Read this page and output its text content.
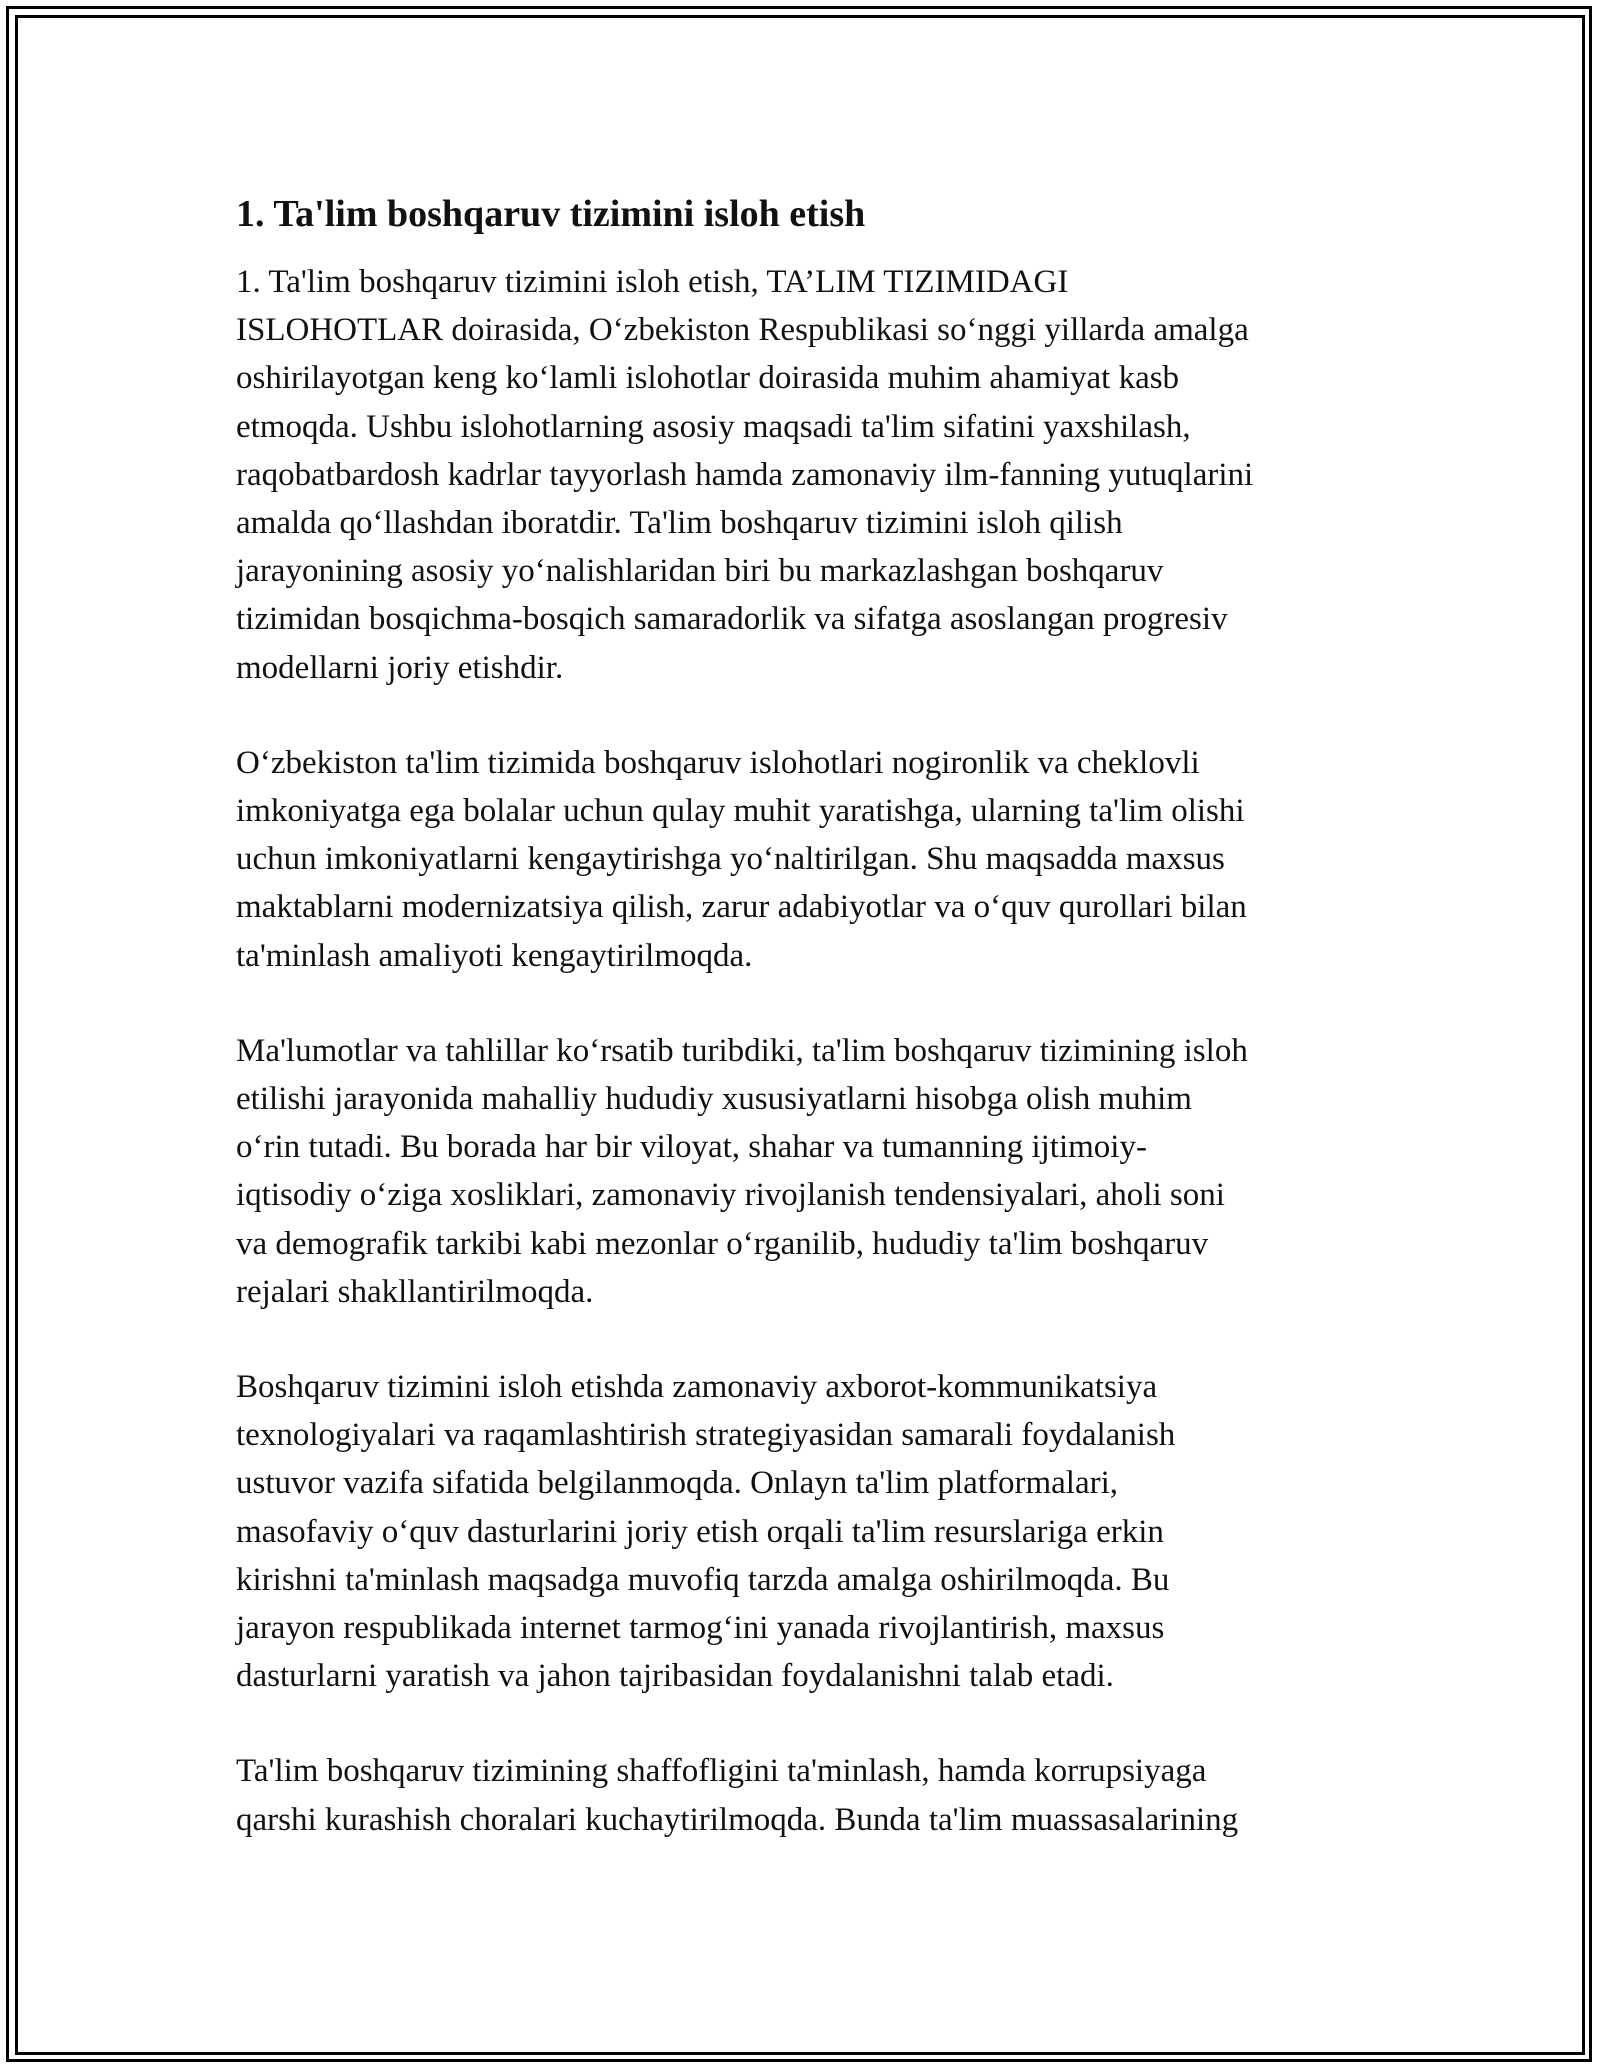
1. Ta'lim boshqaruv tizimini isloh etish

1. Ta'lim boshqaruv tizimini isloh etish, TA’LIM TIZIMIDAGI
ISLOHOTLAR doirasida, O‘zbekiston Respublikasi so‘nggi yillarda amalga
oshirilayotgan keng ko‘lamli islohotlar doirasida muhim ahamiyat kasb
etmoqda. Ushbu islohotlarning asosiy maqsadi ta'lim sifatini yaxshilash,
raqobatbardosh kadrlar tayyorlash hamda zamonaviy ilm-fanning yutuqlarini
amalda qo‘llashdan iboratdir. Ta'lim boshqaruv tizimini isloh qilish
jarayonining asosiy yo‘nalishlaridan biri bu markazlashgan boshqaruv
tizimidan bosqichma-bosqich samaradorlik va sifatga asoslangan progresiv
modellarni joriy etishdir.

O‘zbekiston ta'lim tizimida boshqaruv islohotlari nogironlik va cheklovli
imkoniyatga ega bolalar uchun qulay muhit yaratishga, ularning ta'lim olishi
uchun imkoniyatlarni kengaytirishga yo‘naltirilgan. Shu maqsadda maxsus
maktablarni modernizatsiya qilish, zarur adabiyotlar va o‘quv qurollari bilan
ta'minlash amaliyoti kengaytirilmoqda.

Ma'lumotlar va tahlillar ko‘rsatib turibdiki, ta'lim boshqaruv tizimining isloh
etilishi jarayonida mahalliy hududiy xususiyatlarni hisobga olish muhim
o‘rin tutadi. Bu borada har bir viloyat, shahar va tumanning ijtimoiy-
iqtisodiy o‘ziga xosliklari, zamonaviy rivojlanish tendensiyalari, aholi soni
va demografik tarkibi kabi mezonlar o‘rganilib, hududiy ta'lim boshqaruv
rejalari shakllantirilmoqda.

Boshqaruv tizimini isloh etishda zamonaviy axborot-kommunikatsiya
texnologiyalari va raqamlashtirish strategiyasidan samarali foydalanish
ustuvor vazifa sifatida belgilanmoqda. Onlayn ta'lim platformalari,
masofaviy o‘quv dasturlarini joriy etish orqali ta'lim resurslariga erkin
kirishni ta'minlash maqsadga muvofiq tarzda amalga oshirilmoqda. Bu
jarayon respublikada internet tarmog‘ini yanada rivojlantirish, maxsus
dasturlarni yaratish va jahon tajribasidan foydalanishni talab etadi.

Ta'lim boshqaruv tizimining shaffofligini ta'minlash, hamda korrupsiyaga
qarshi kurashish choralari kuchaytirilmoqda. Bunda ta'lim muassasalarining
